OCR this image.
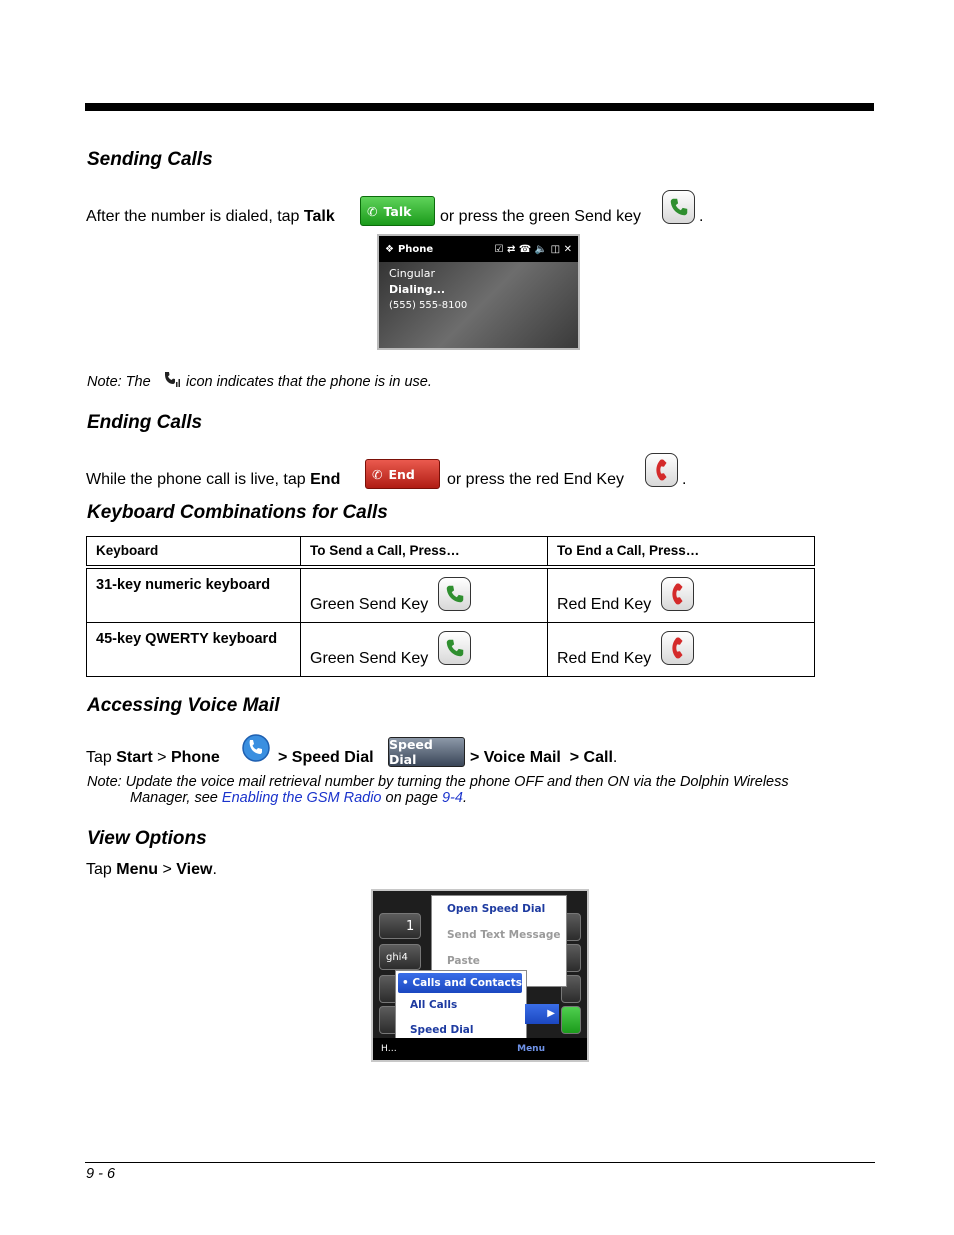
Sending Calls
After the number is dialed, tap Talk	✆ Talk or press the green Send key	.
❖ Phone	☑ ⇄ ☎ 🔈 ◫ ✕
Cingular
Dialing...
(555) 555-8100
Note: The icon indicates that the phone is in use.
Ending Calls
While the phone call is live, tap End	✆ End or press the red End Key	.
Keyboard Combinations for Calls
Keyboard	To Send a Call, Press…	To End a Call, Press…

31-key numeric keyboard	Green Send Key	Red End Key

45-key QWERTY keyboard	Green Send Key	Red End Key
Accessing Voice Mail
Tap Start > Phone	> Speed Dial
Speed Dial	> Voice Mail  > Call.
Note: Update the voice mail retrieval number by turning the phone OFF and then ON via the Dolphin Wireless
Manager, see Enabling the GSM Radio on page 9-4.
View Options
Tap Menu > View.
1
ghi4
Open Speed Dial
Send Text Message
Paste
• Calls and Contacts
All Calls
Speed Dial
▶
H…	Menu
9 - 6
